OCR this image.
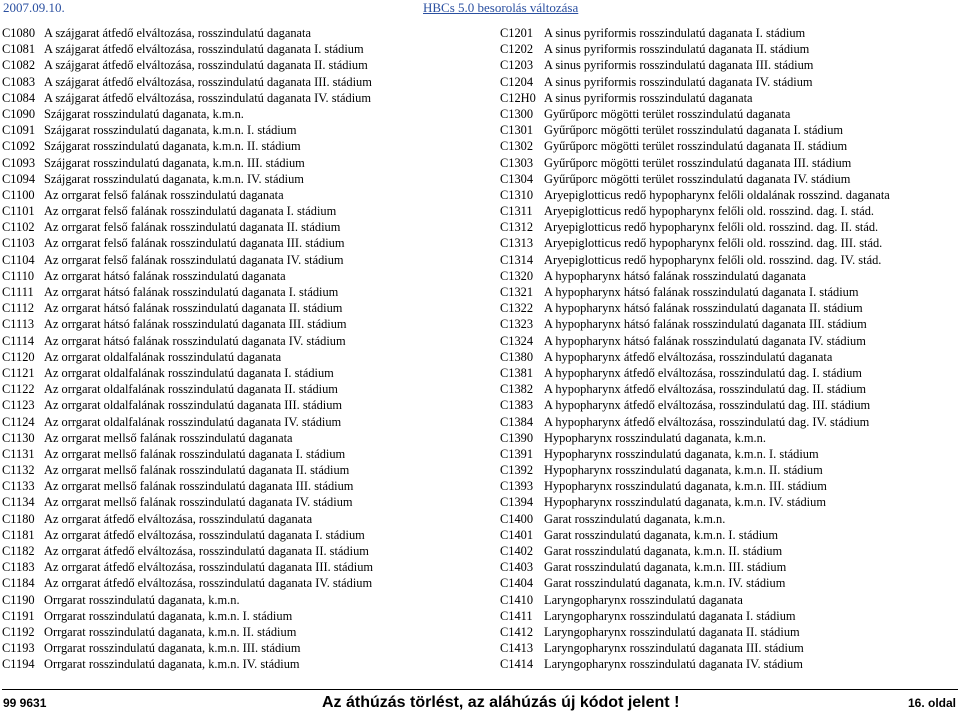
2007.09.10.	HBCs 5.0 besorolás változása
C1080 A szájgarat átfedő elváltozása, rosszindulatú daganata
C1081 A szájgarat átfedő elváltozása, rosszindulatú daganata I. stádium
C1082 A szájgarat átfedő elváltozása, rosszindulatú daganata II. stádium
C1083 A szájgarat átfedő elváltozása, rosszindulatú daganata III. stádium
C1084 A szájgarat átfedő elváltozása, rosszindulatú daganata IV. stádium
C1090 Szájgarat rosszindulatú daganata, k.m.n.
C1091 Szájgarat rosszindulatú daganata, k.m.n. I. stádium
C1092 Szájgarat rosszindulatú daganata, k.m.n. II. stádium
C1093 Szájgarat rosszindulatú daganata, k.m.n. III. stádium
C1094 Szájgarat rosszindulatú daganata, k.m.n. IV. stádium
C1100 Az orrgarat felső falának rosszindulatú daganata
C1101 Az orrgarat felső falának rosszindulatú daganata I. stádium
C1102 Az orrgarat felső falának rosszindulatú daganata II. stádium
C1103 Az orrgarat felső falának rosszindulatú daganata III. stádium
C1104 Az orrgarat felső falának rosszindulatú daganata IV. stádium
C1110 Az orrgarat hátsó falának rosszindulatú daganata
C1111 Az orrgarat hátsó falának rosszindulatú daganata I. stádium
C1112 Az orrgarat hátsó falának rosszindulatú daganata II. stádium
C1113 Az orrgarat hátsó falának rosszindulatú daganata III. stádium
C1114 Az orrgarat hátsó falának rosszindulatú daganata IV. stádium
C1120 Az orrgarat oldalfalának rosszindulatú daganata
C1121 Az orrgarat oldalfalának rosszindulatú daganata I. stádium
C1122 Az orrgarat oldalfalának rosszindulatú daganata II. stádium
C1123 Az orrgarat oldalfalának rosszindulatú daganata III. stádium
C1124 Az orrgarat oldalfalának rosszindulatú daganata IV. stádium
C1130 Az orrgarat mellső falának rosszindulatú daganata
C1131 Az orrgarat mellső falának rosszindulatú daganata I. stádium
C1132 Az orrgarat mellső falának rosszindulatú daganata II. stádium
C1133 Az orrgarat mellső falának rosszindulatú daganata III. stádium
C1134 Az orrgarat mellső falának rosszindulatú daganata IV. stádium
C1180 Az orrgarat átfedő elváltozása, rosszindulatú daganata
C1181 Az orrgarat átfedő elváltozása, rosszindulatú daganata I. stádium
C1182 Az orrgarat átfedő elváltozása, rosszindulatú daganata II. stádium
C1183 Az orrgarat átfedő elváltozása, rosszindulatú daganata III. stádium
C1184 Az orrgarat átfedő elváltozása, rosszindulatú daganata IV. stádium
C1190 Orrgarat rosszindulatú daganata, k.m.n.
C1191 Orrgarat rosszindulatú daganata, k.m.n. I. stádium
C1192 Orrgarat rosszindulatú daganata, k.m.n. II. stádium
C1193 Orrgarat rosszindulatú daganata, k.m.n. III. stádium
C1194 Orrgarat rosszindulatú daganata, k.m.n. IV. stádium
C1201 A sinus pyriformis rosszindulatú daganata I. stádium
C1202 A sinus pyriformis rosszindulatú daganata II. stádium
C1203 A sinus pyriformis rosszindulatú daganata III. stádium
C1204 A sinus pyriformis rosszindulatú daganata IV. stádium
C12H0 A sinus pyriformis rosszindulatú daganata
C1300 Gyűrűporc mögötti terület rosszindulatú daganata
C1301 Gyűrűporc mögötti terület rosszindulatú daganata I. stádium
C1302 Gyűrűporc mögötti terület rosszindulatú daganata II. stádium
C1303 Gyűrűporc mögötti terület rosszindulatú daganata III. stádium
C1304 Gyűrűporc mögötti terület rosszindulatú daganata IV. stádium
C1310 Aryepiglotticus redő hypopharynx felőli oldalának rosszind. daganata
C1311 Aryepiglotticus redő hypopharynx felőli old. rosszind. dag. I. stád.
C1312 Aryepiglotticus redő hypopharynx felőli old. rosszind. dag. II. stád.
C1313 Aryepiglotticus redő hypopharynx felőli old. rosszind. dag. III. stád.
C1314 Aryepiglotticus redő hypopharynx felőli old. rosszind. dag. IV. stád.
C1320 A hypopharynx hátsó falának rosszindulatú daganata
C1321 A hypopharynx hátsó falának rosszindulatú daganata I. stádium
C1322 A hypopharynx hátsó falának rosszindulatú daganata II. stádium
C1323 A hypopharynx hátsó falának rosszindulatú daganata III. stádium
C1324 A hypopharynx hátsó falának rosszindulatú daganata IV. stádium
C1380 A hypopharynx átfedő elváltozása, rosszindulatú daganata
C1381 A hypopharynx átfedő elváltozása, rosszindulatú dag. I. stádium
C1382 A hypopharynx átfedő elváltozása, rosszindulatú dag. II. stádium
C1383 A hypopharynx átfedő elváltozása, rosszindulatú dag. III. stádium
C1384 A hypopharynx átfedő elváltozása, rosszindulatú dag. IV. stádium
C1390 Hypopharynx rosszindulatú daganata, k.m.n.
C1391 Hypopharynx rosszindulatú daganata, k.m.n. I. stádium
C1392 Hypopharynx rosszindulatú daganata, k.m.n. II. stádium
C1393 Hypopharynx rosszindulatú daganata, k.m.n. III. stádium
C1394 Hypopharynx rosszindulatú daganata, k.m.n. IV. stádium
C1400 Garat rosszindulatú daganata, k.m.n.
C1401 Garat rosszindulatú daganata, k.m.n. I. stádium
C1402 Garat rosszindulatú daganata, k.m.n. II. stádium
C1403 Garat rosszindulatú daganata, k.m.n. III. stádium
C1404 Garat rosszindulatú daganata, k.m.n. IV. stádium
C1410 Laryngopharynx rosszindulatú daganata
C1411 Laryngopharynx rosszindulatú daganata I. stádium
C1412 Laryngopharynx rosszindulatú daganata II. stádium
C1413 Laryngopharynx rosszindulatú daganata III. stádium
C1414 Laryngopharynx rosszindulatú daganata IV. stádium
99 9631	Az áthúzás törlést, az aláhúzás új kódot jelent !	16. oldal
